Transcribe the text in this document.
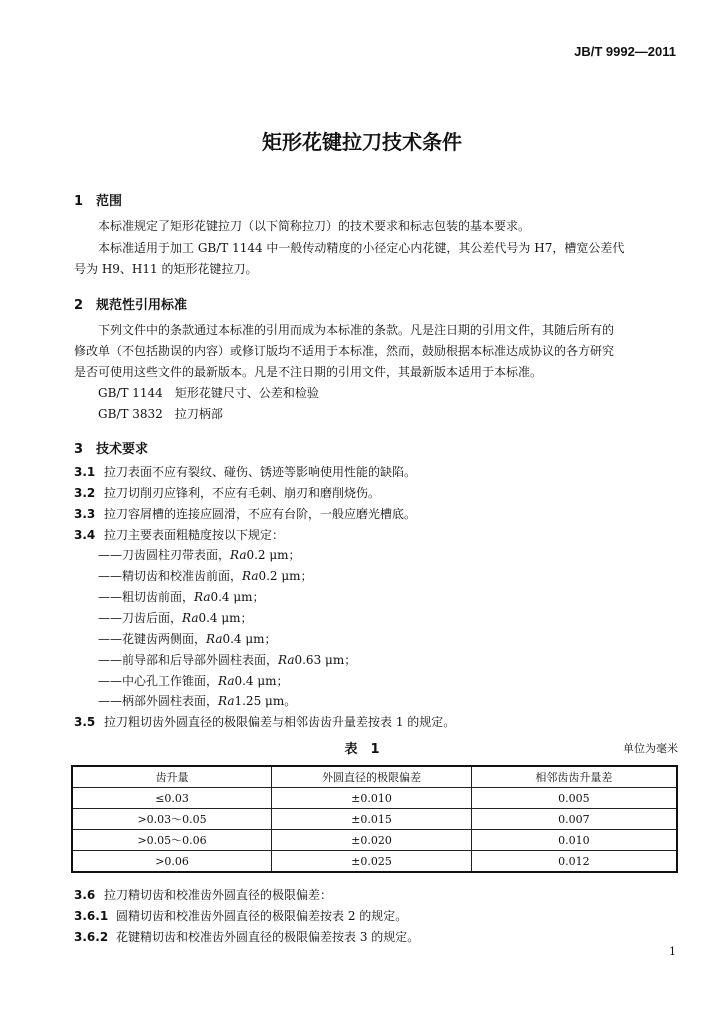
JB/T 9992—2011
矩形花键拉刀技术条件
1 范围
本标准规定了矩形花键拉刀（以下简称拉刀）的技术要求和标志包装的基本要求。
本标准适用于加工 GB/T 1144 中一般传动精度的小径定心内花键，其公差代号为 H7，槽宽公差代
号为 H9、H11 的矩形花键拉刀。
2 规范性引用标准
下列文件中的条款通过本标准的引用而成为本标准的条款。凡是注日期的引用文件，其随后所有的
修改单（不包括勘误的内容）或修订版均不适用于本标准，然而，鼓励根据本标准达成协议的各方研究
是否可使用这些文件的最新版本。凡是不注日期的引用文件，其最新版本适用于本标准。
GB/T 1144　 矩形花键尺寸、公差和检验
GB/T 3832　 拉刀柄部
3 技术要求
3.1 拉刀表面不应有裂纹、碰伤、锈迹等影响使用性能的缺陷。
3.2 拉刀切削刃应锋利，不应有毛刺、崩刃和磨削烧伤。
3.3 拉刀容屑槽的连接应圆滑，不应有台阶，一般应磨光槽底。
3.4 拉刀主要表面粗糙度按以下规定：
——刀齿圆柱刃带表面，Ra0.2 μm；
——精切齿和校准齿前面，Ra0.2 μm；
——粗切齿前面，Ra0.4 μm；
——刀齿后面，Ra0.4 μm；
——花键齿两侧面，Ra0.4 μm；
——前导部和后导部外圆柱表面，Ra0.63 μm；
——中心孔工作锥面，Ra0.4 μm；
——柄部外圆柱表面，Ra1.25 μm。
3.5 拉刀粗切齿外圆直径的极限偏差与相邻齿齿升量差按表 1 的规定。
表　1	单位为毫米
齿升量	外圆直径的极限偏差	相邻齿齿升量差
≤0.03	±0.010	0.005
>0.03～0.05	±0.015	0.007
>0.05～0.06	±0.020	0.010
>0.06	±0.025	0.012
3.6 拉刀精切齿和校准齿外圆直径的极限偏差：
3.6.1 圆精切齿和校准齿外圆直径的极限偏差按表 2 的规定。
3.6.2 花键精切齿和校准齿外圆直径的极限偏差按表 3 的规定。
1
